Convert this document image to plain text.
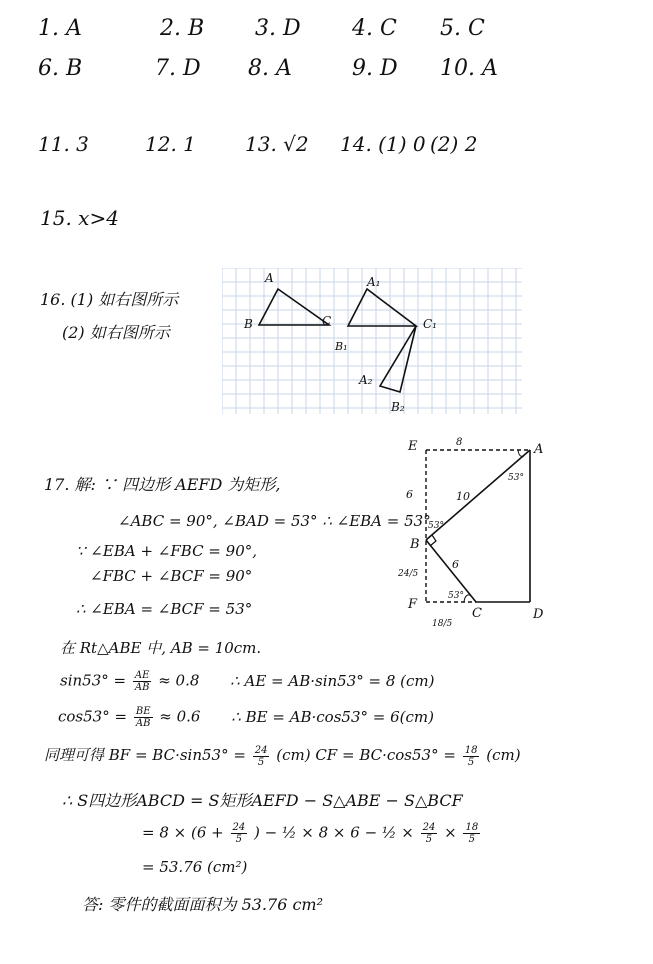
1. A	2. B 3. D 4. C 5. C
6. B	7. D 8. A	9. D 10. A
11. 3	12. 1 13. √2 14. (1) 0 (2) 2
15. x>4
16. (1) 如右图所示
(2) 如右图所示
A
B	C
A₁
B₁
C₁
A₂
B₂
E	A
B
F
C	D
8
10
6
6
24/5
18/5
53°
53°
53°
17. 解: ∵ 四边形 AEFD 为矩形,
∠ABC = 90°, ∠BAD = 53° ∴ ∠EBA = 53°
∵ ∠EBA + ∠FBC = 90°,
∠FBC + ∠BCF = 90°
∴ ∠EBA = ∠BCF = 53°
在 Rt△ABE 中, AB = 10cm.
$\sin 53^\circ = \frac{AE}{AB} \approx 0.8$ ∴ AE = AB·sin53° = 8 (cm)
$\cos 53^\circ = \frac{BE}{AB} \approx 0.6$ ∴ BE = AB·cos53° = 6(cm)
同理可得 BF = $BC\cdot\sin 53^\circ = \frac{24}{5} (cm)$ CF = $BC\cdot\cos 53^\circ = \frac{18}{5} (cm)$
∴ S四边形ABCD = S矩形AEFD − S△ABE − S△BCF
= $8 \times (6 + \frac{24}{5}$ ) − ½ × 8 × 6 − ½ × $\frac{24}{5} \times \frac{18}{5}$
= 53.76 (cm²)
答: 零件的截面面积为 53.76 cm²
